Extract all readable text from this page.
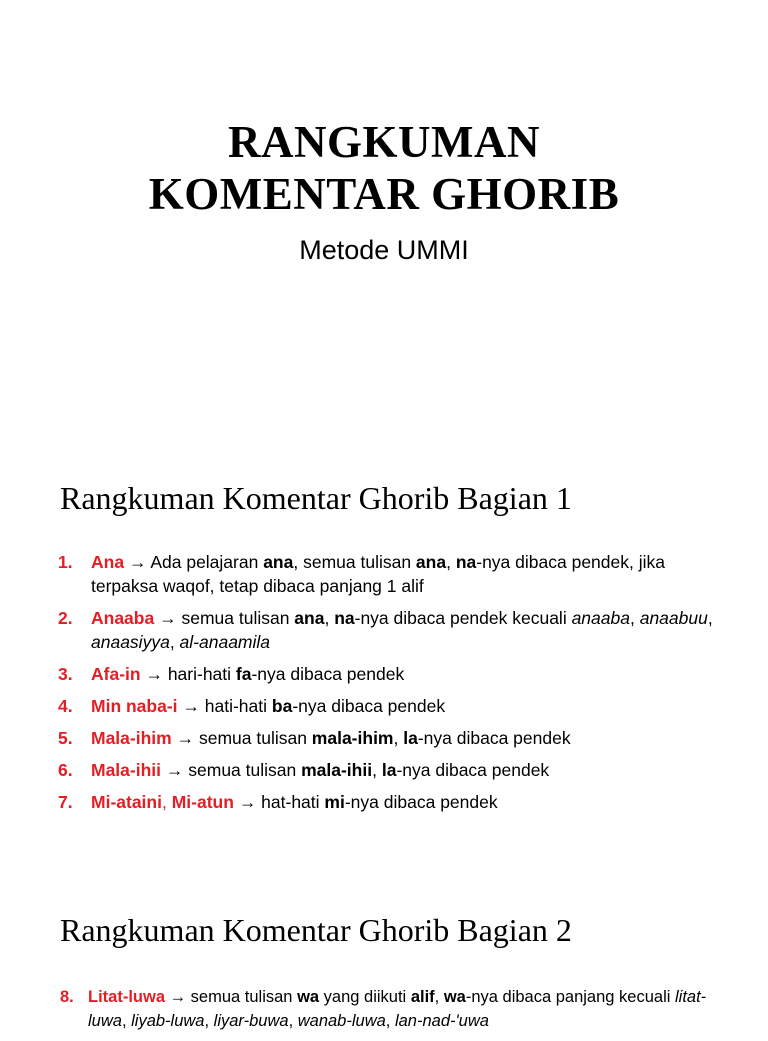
RANGKUMAN
KOMENTAR GHORIB
Metode UMMI
Rangkuman Komentar Ghorib Bagian 1
1. Ana → Ada pelajaran ana, semua tulisan ana, na-nya dibaca pendek, jika terpaksa waqof, tetap dibaca panjang 1 alif
2. Anaaba → semua tulisan ana, na-nya dibaca pendek kecuali anaaba, anaabuu, anaasiyya, al-anaamila
3. Afa-in → hari-hati fa-nya dibaca pendek
4. Min naba-i → hati-hati ba-nya dibaca pendek
5. Mala-ihim → semua tulisan mala-ihim, la-nya dibaca pendek
6. Mala-ihii → semua tulisan mala-ihii, la-nya dibaca pendek
7. Mi-ataini, Mi-atun → hat-hati mi-nya dibaca pendek
Rangkuman Komentar Ghorib Bagian 2
8. Litat-luwa → semua tulisan wa yang diikuti alif, wa-nya dibaca panjang kecuali litat-luwa, liyab-luwa, liyar-buwa, wanab-luwa, lan-nad-'uwa
